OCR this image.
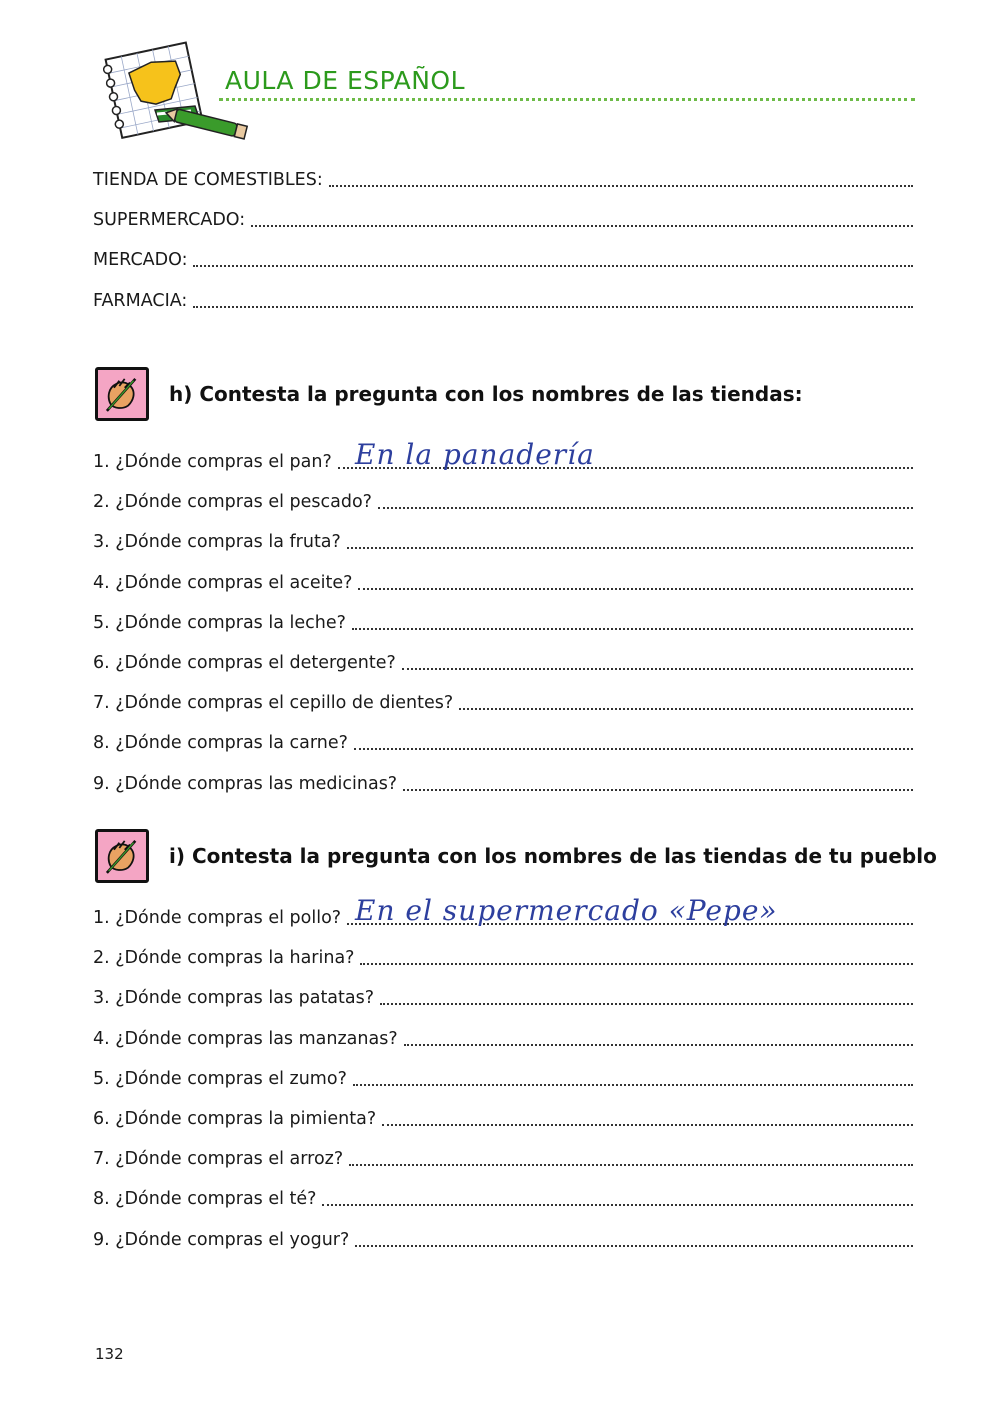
AULA DE ESPAÑOL
TIENDA DE COMESTIBLES:
SUPERMERCADO:
MERCADO:
FARMACIA:
h) Contesta la pregunta con los nombres de las tiendas:
1. ¿Dónde compras el pan? En la panadería
2. ¿Dónde compras el pescado?
3. ¿Dónde compras la fruta?
4. ¿Dónde compras el aceite?
5. ¿Dónde compras la leche?
6. ¿Dónde compras el detergente?
7. ¿Dónde compras el cepillo de dientes?
8. ¿Dónde compras la carne?
9. ¿Dónde compras las medicinas?
i) Contesta la pregunta con los nombres de las tiendas de tu pueblo
1. ¿Dónde compras el pollo? En el supermercado «Pepe»
2. ¿Dónde compras la harina?
3. ¿Dónde compras las patatas?
4. ¿Dónde compras las manzanas?
5. ¿Dónde compras el zumo?
6. ¿Dónde compras la pimienta?
7. ¿Dónde compras el arroz?
8. ¿Dónde compras el té?
9. ¿Dónde compras el yogur?
132
